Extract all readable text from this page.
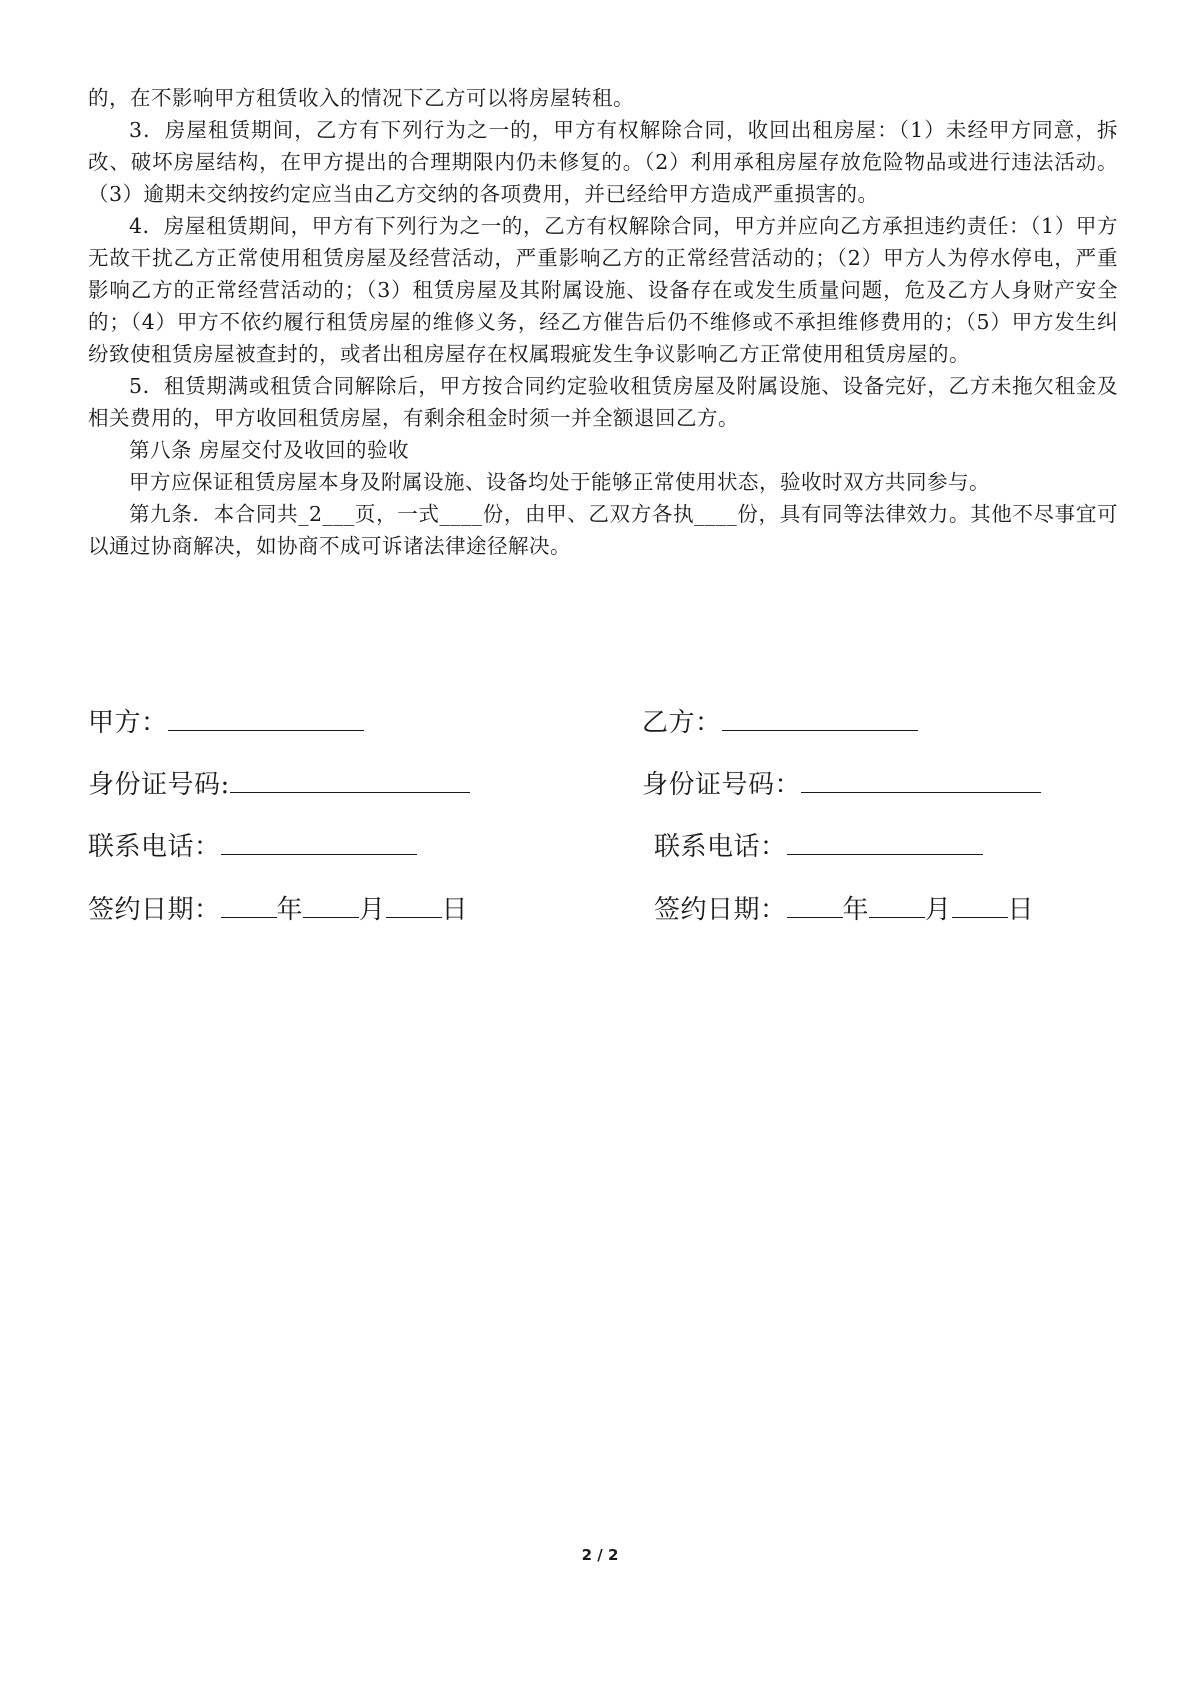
的，在不影响甲方租赁收入的情况下乙方可以将房屋转租。

3．房屋租赁期间，乙方有下列行为之一的，甲方有权解除合同，收回出租房屋：（1）未经甲方同意，拆改、破坏房屋结构，在甲方提出的合理期限内仍未修复的。（2）利用承租房屋存放危险物品或进行违法活动。（3）逾期未交纳按约定应当由乙方交纳的各项费用，并已经给甲方造成严重损害的。

4．房屋租赁期间，甲方有下列行为之一的，乙方有权解除合同，甲方并应向乙方承担违约责任：（1）甲方无故干扰乙方正常使用租赁房屋及经营活动，严重影响乙方的正常经营活动的；（2）甲方人为停水停电，严重影响乙方的正常经营活动的；（3）租赁房屋及其附属设施、设备存在或发生质量问题，危及乙方人身财产安全的；（4）甲方不依约履行租赁房屋的维修义务，经乙方催告后仍不维修或不承担维修费用的；（5）甲方发生纠纷致使租赁房屋被查封的，或者出租房屋存在权属瑕疵发生争议影响乙方正常使用租赁房屋的。

5．租赁期满或租赁合同解除后，甲方按合同约定验收租赁房屋及附属设施、设备完好，乙方未拖欠租金及相关费用的，甲方收回租赁房屋，有剩余租金时须一并全额退回乙方。

第八条 房屋交付及收回的验收

甲方应保证租赁房屋本身及附属设施、设备均处于能够正常使用状态，验收时双方共同参与。

第九条．本合同共_2___页，一式____份，由甲、乙双方各执____份，具有同等法律效力。其他不尽事宜可以通过协商解决，如协商不成可诉诸法律途径解决。

甲方：
身份证号码:
联系电话：
签约日期： 年 月 日
乙方：
身份证号码：
联系电话：
签约日期： 年 月 日
2 / 2
